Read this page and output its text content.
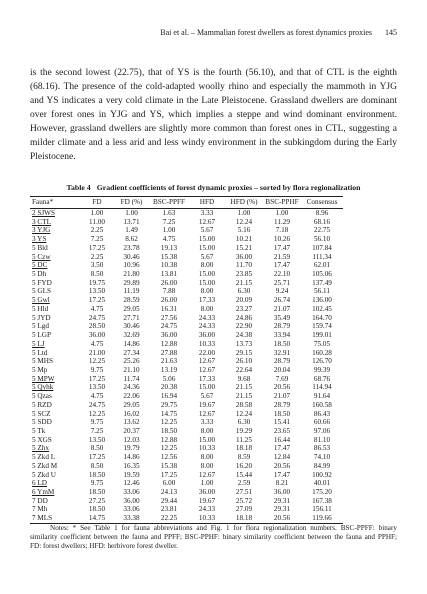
Bai et al. – Mammalian forest dwellers as forest dynamics proxies 145
is the second lowest (22.75), that of YS is the fourth (56.10), and that of CTL is the eighth
(68.16). The presence of the cold-adapted woolly rhino and especially the mammoth in YJG
and YS indicates a very cold climate in the Late Pleistocene. Grassland dwellers are dominant
over forest ones in YJG and YS, which implies a steppe and wind dominant environment.
However, grassland dwellers are slightly more common than forest ones in CTL, suggesting a
milder climate and a less arid and less windy environment in the subkingdom during the Early
Pleistocene.
Table 4 Gradient coefficients of forest dynamic proxies – sorted by flora regionalization
Fauna*	FD	FD (%)	BSC-PPFF	HFD	HFD (%)	BSC-PPHF	Consensus
2 SJWS	1.00	1.00	1.63	3.33	1.00	1.00	8.96
3 CTL	11.00	13.71	7.25	12.67	12.24	11.29	68.16
3 YJG	2.25	1.49	1.00	5.67	5.16	7.18	22.75
3 YS	7.25	8.62	4.75	15.00	10.21	10.26	56.10
5 Bld	17.25	23.78	19.13	15.00	15.21	17.47	107.84
5 Czw	2.25	30.46	15.38	5.67	36.00	21.59	111.34
5 DC	3.50	10.96	10.38	8.00	11.70	17.47	62.01
5 Dh	8.50	21.80	13.81	15.00	23.85	22.10	105.06
5 FYD	19.75	29.89	26.00	15.00	21.15	25.71	137.49
5 GLS	13.50	11.19	7.88	8.00	6.30	9.24	56.11
5 Gwl	17.25	28.59	26.00	17.33	20.09	26.74	136.00
5 Hld	4.75	29.05	16.31	8.00	23.27	21.07	102.45
5 JYD	24.75	27.71	27.56	24.33	24.86	35.49	164.70
5 Lgd	28.50	30.46	24.75	24.33	22.90	28.79	159.74
5 LGP	36.00	32.69	36.00	36.00	24.38	33.94	199.01
5 LJ	4.75	14.86	12.88	10.33	13.73	18.50	75.05
5 Ltd	21.00	27.34	27.88	22.00	29.15	32.91	160.28
5 MHS	12.25	25.26	21.63	12.67	26.10	28.79	126.70
5 Mp	9.75	21.10	13.19	12.67	22.64	20.04	99.39
5 MPW	17.25	11.74	5.06	17.33	9.68	7.69	68.76
5 Qyhk	13.50	24.36	20.38	15.00	21.15	20.56	114.94
5 Qzas	4.75	22.06	16.94	5.67	21.15	21.07	91.64
5 RZD	24.75	29.05	29.75	19.67	28.58	28.79	160.58
5 SCZ	12.25	16.02	14.75	12.67	12.24	18.50	86.43
5 SDD	9.75	13.62	12.25	3.33	6.30	15.41	60.66
5 Tk	7.25	20.37	18.50	8.00	19.29	23.65	97.06
5 XGS	13.50	12.03	12.88	15.00	11.25	16.44	81.10
5 Zhx	8.50	19.79	12.25	10.33	18.18	17.47	86.53
5 Zkd L	17.25	14.86	12.56	8.00	8.59	12.84	74.10
5 Zkd M	8.50	16.35	15.38	8.00	16.20	20.56	84.99
5 Zkd U	18.50	19.59	17.25	12.67	15.44	17.47	100.92
6 LD	9.75	12.46	6.00	1.00	2.59	8.21	40.01
6 YmM	18.50	33.06	24.13	36.00	27.51	36.00	175.20
7 DD	27.25	36.00	29.44	19.67	25.72	29.31	167.38
7 Mh	18.50	33.06	23.81	24.33	27.09	29.31	156.11
7 MLS	14.75	33.38	22.25	10.33	18.18	20.56	119.66
Notes: * See Table 1 for fauna abbreviations and Fig. 1 for flora regionalization numbers. BSC-PPFF: binary
similarity coefficient between the fauna and PPFF; BSC-PPHF: binary similarity coefficient between the fauna and PPHF;
FD: forest dwellers; HFD: herbivore forest dweller.
